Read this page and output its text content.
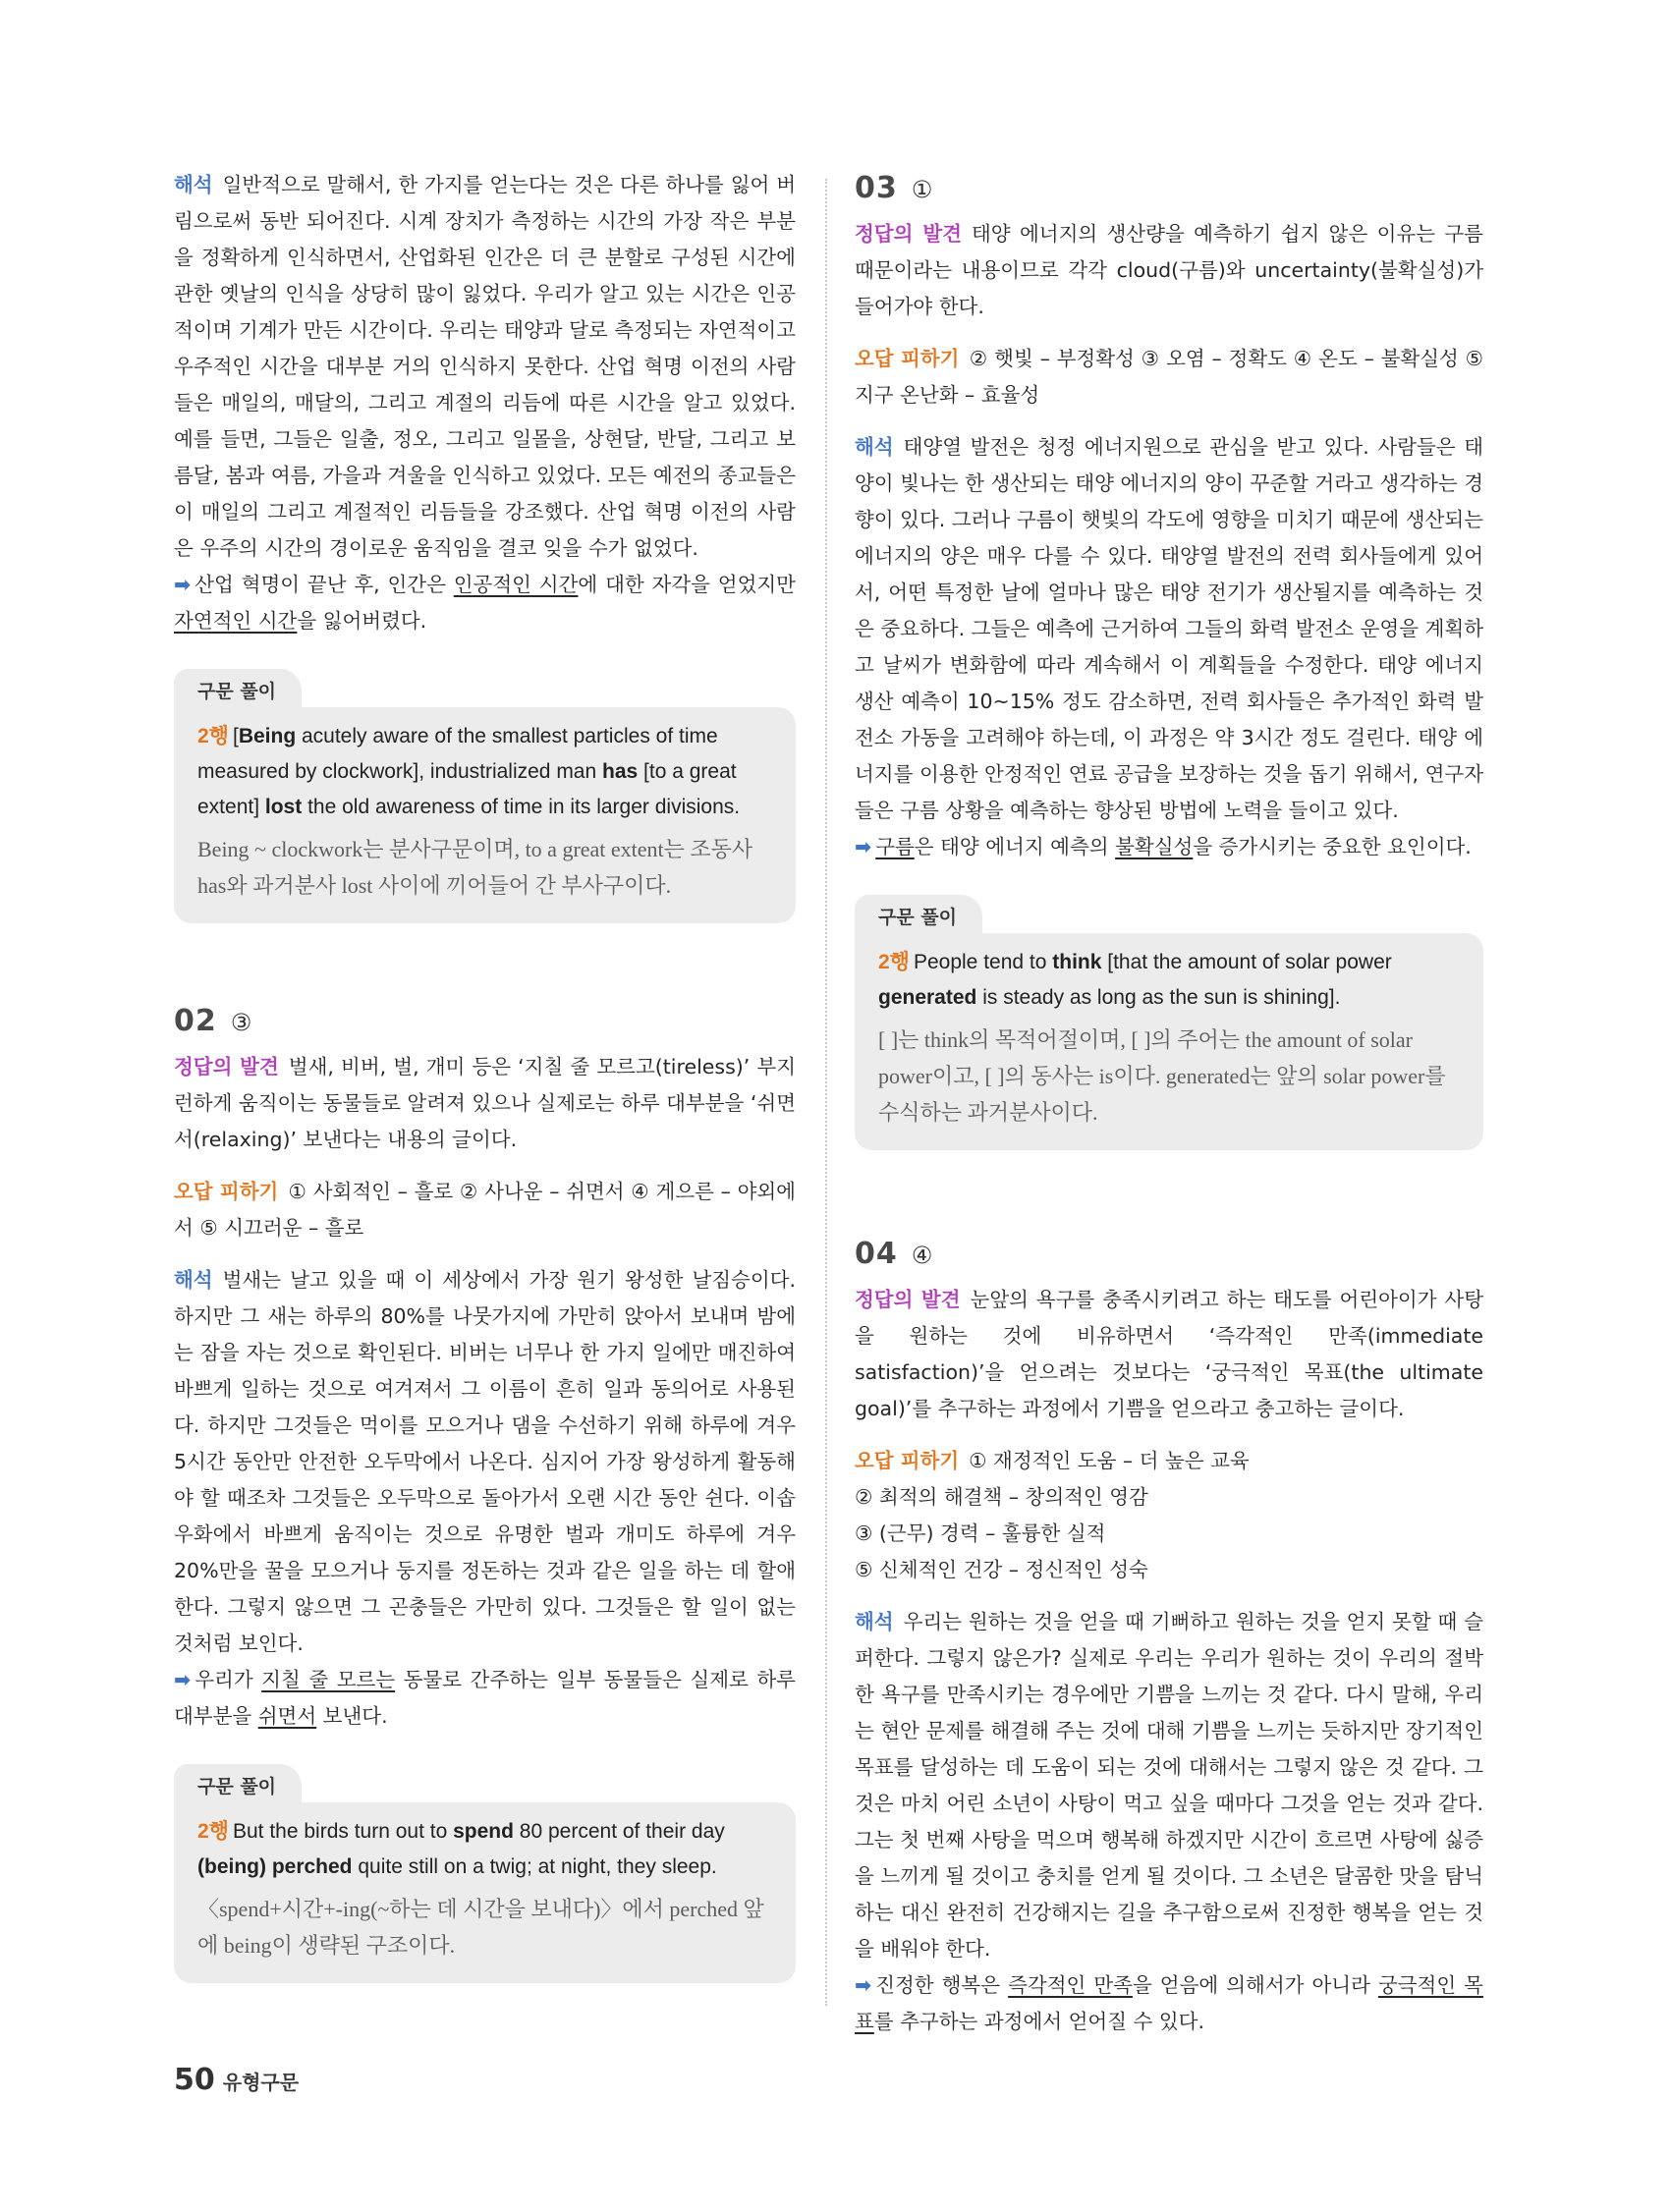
해석 일반적으로 말해서, 한 가지를 얻는다는 것은 다른 하나를 잃어 버림으로써 동반 되어진다. 시계 장치가 측정하는 시간의 가장 작은 부분을 정확하게 인식하면서, 산업화된 인간은 더 큰 분할로 구성된 시간에 관한 옛날의 인식을 상당히 많이 잃었다. 우리가 알고 있는 시간은 인공적이며 기계가 만든 시간이다. 우리는 태양과 달로 측정되는 자연적이고 우주적인 시간을 대부분 거의 인식하지 못한다. 산업 혁명 이전의 사람들은 매일의, 매달의, 그리고 계절의 리듬에 따른 시간을 알고 있었다. 예를 들면, 그들은 일출, 정오, 그리고 일몰을, 상현달, 반달, 그리고 보름달, 봄과 여름, 가을과 겨울을 인식하고 있었다. 모든 예전의 종교들은 이 매일의 그리고 계절적인 리듬들을 강조했다. 산업 혁명 이전의 사람은 우주의 시간의 경이로운 움직임을 결코 잊을 수가 없었다.

➡ 산업 혁명이 끝난 후, 인간은 인공적인 시간에 대한 자각을 얻었지만 자연적인 시간을 잃어버렸다.

구문 풀이
2행 [Being acutely aware of the smallest particles of time measured by clockwork], industrialized man has [to a great extent] lost the old awareness of time in its larger divisions.
Being ~ clockwork는 분사구문이며, to a great extent는 조동사 has와 과거분사 lost 사이에 끼어들어 간 부사구이다.
02 ③

정답의 발견 벌새, 비버, 벌, 개미 등은 ‘지칠 줄 모르고(tireless)’ 부지런하게 움직이는 동물들로 알려져 있으나 실제로는 하루 대부분을 ‘쉬면서(relaxing)’ 보낸다는 내용의 글이다.

오답 피하기 ① 사회적인 – 흘로 ② 사나운 – 쉬면서 ④ 게으른 – 야외에서 ⑤ 시끄러운 – 흘로

해석 벌새는 날고 있을 때 이 세상에서 가장 원기 왕성한 날짐승이다. 하지만 그 새는 하루의 80%를 나뭇가지에 가만히 앉아서 보내며 밤에는 잠을 자는 것으로 확인된다. 비버는 너무나 한 가지 일에만 매진하여 바쁘게 일하는 것으로 여겨져서 그 이름이 흔히 일과 동의어로 사용된다. 하지만 그것들은 먹이를 모으거나 댐을 수선하기 위해 하루에 겨우 5시간 동안만 안전한 오두막에서 나온다. 심지어 가장 왕성하게 활동해야 할 때조차 그것들은 오두막으로 돌아가서 오랜 시간 동안 쉰다. 이솝 우화에서 바쁘게 움직이는 것으로 유명한 벌과 개미도 하루에 겨우 20%만을 꿀을 모으거나 둥지를 정돈하는 것과 같은 일을 하는 데 할애한다. 그렇지 않으면 그 곤충들은 가만히 있다. 그것들은 할 일이 없는 것처럼 보인다.

➡ 우리가 지칠 줄 모르는 동물로 간주하는 일부 동물들은 실제로 하루 대부분을 쉬면서 보낸다.

구문 풀이
2행 But the birds turn out to spend 80 percent of their day (being) perched quite still on a twig; at night, they sleep.
〈spend+시간+-ing(~하는 데 시간을 보내다)〉에서 perched 앞에 being이 생략된 구조이다.
03 ①

정답의 발견 태양 에너지의 생산량을 예측하기 쉽지 않은 이유는 구름 때문이라는 내용이므로 각각 cloud(구름)와 uncertainty(불확실성)가 들어가야 한다.

오답 피하기 ② 햇빛 – 부정확성 ③ 오염 – 정확도 ④ 온도 – 불확실성 ⑤ 지구 온난화 – 효율성

해석 태양열 발전은 청정 에너지원으로 관심을 받고 있다. 사람들은 태양이 빛나는 한 생산되는 태양 에너지의 양이 꾸준할 거라고 생각하는 경향이 있다. 그러나 구름이 햇빛의 각도에 영향을 미치기 때문에 생산되는 에너지의 양은 매우 다를 수 있다. 태양열 발전의 전력 회사들에게 있어서, 어떤 특정한 날에 얼마나 많은 태양 전기가 생산될지를 예측하는 것은 중요하다. 그들은 예측에 근거하여 그들의 화력 발전소 운영을 계획하고 날씨가 변화함에 따라 계속해서 이 계획들을 수정한다. 태양 에너지 생산 예측이 10~15% 정도 감소하면, 전력 회사들은 추가적인 화력 발전소 가동을 고려해야 하는데, 이 과정은 약 3시간 정도 걸린다. 태양 에너지를 이용한 안정적인 연료 공급을 보장하는 것을 돕기 위해서, 연구자들은 구름 상황을 예측하는 향상된 방법에 노력을 들이고 있다.

➡ 구름은 태양 에너지 예측의 불확실성을 증가시키는 중요한 요인이다.

구문 풀이
2행 People tend to think [that the amount of solar power generated is steady as long as the sun is shining].
[ ]는 think의 목적어절이며, [ ]의 주어는 the amount of solar power이고, [ ]의 동사는 is이다. generated는 앞의 solar power를 수식하는 과거분사이다.
04 ④

정답의 발견 눈앞의 욕구를 충족시키려고 하는 태도를 어린아이가 사탕을 원하는 것에 비유하면서 ‘즉각적인 만족(immediate satisfaction)’을 얻으려는 것보다는 ‘궁극적인 목표(the ultimate goal)’를 추구하는 과정에서 기쁨을 얻으라고 충고하는 글이다.

오답 피하기 ① 재정적인 도움 – 더 높은 교육

② 최적의 해결책 – 창의적인 영감

③ (근무) 경력 – 훌륭한 실적

⑤ 신체적인 건강 – 정신적인 성숙

해석 우리는 원하는 것을 얻을 때 기뻐하고 원하는 것을 얻지 못할 때 슬퍼한다. 그렇지 않은가? 실제로 우리는 우리가 원하는 것이 우리의 절박한 욕구를 만족시키는 경우에만 기쁨을 느끼는 것 같다. 다시 말해, 우리는 현안 문제를 해결해 주는 것에 대해 기쁨을 느끼는 듯하지만 장기적인 목표를 달성하는 데 도움이 되는 것에 대해서는 그렇지 않은 것 같다. 그것은 마치 어린 소년이 사탕이 먹고 싶을 때마다 그것을 얻는 것과 같다. 그는 첫 번째 사탕을 먹으며 행복해 하겠지만 시간이 흐르면 사탕에 싫증을 느끼게 될 것이고 충치를 얻게 될 것이다. 그 소년은 달콤한 맛을 탐닉하는 대신 완전히 건강해지는 길을 추구함으로써 진정한 행복을 얻는 것을 배워야 한다.

➡ 진정한 행복은 즉각적인 만족을 얻음에 의해서가 아니라 궁극적인 목표를 추구하는 과정에서 얻어질 수 있다.

50 유형구문
